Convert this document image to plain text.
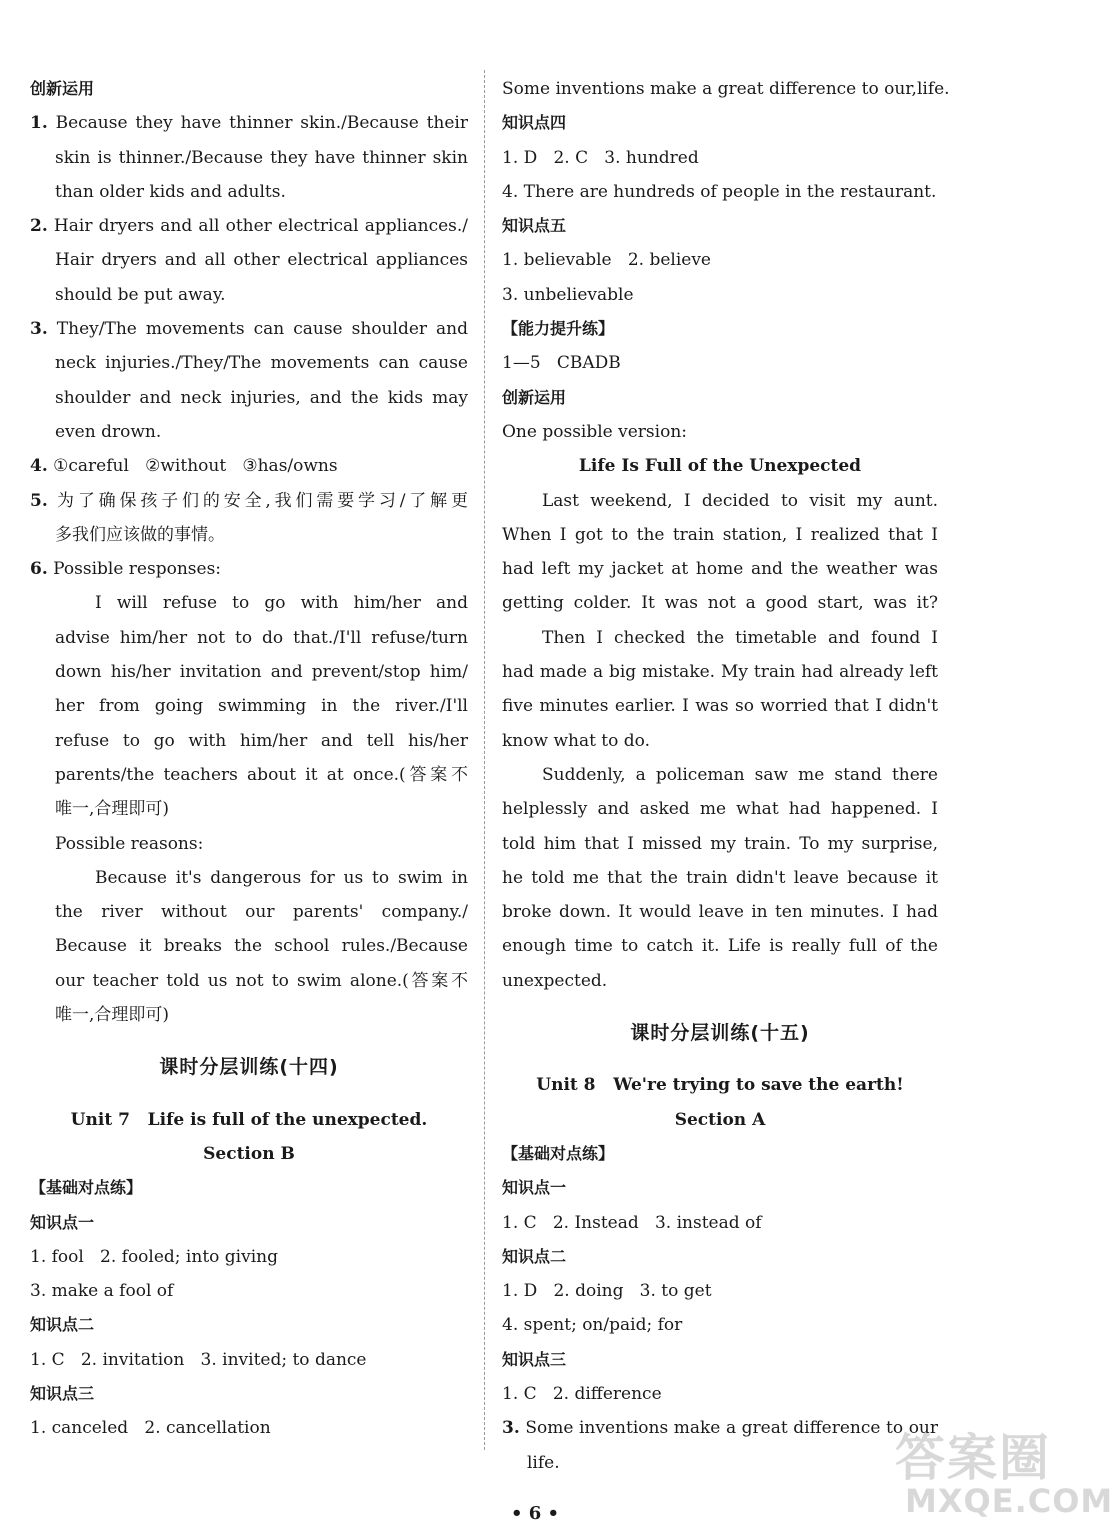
创新运用
1. Because they have thinner skin./Because their
skin is thinner./Because they have thinner skin
than older kids and adults.
2. Hair dryers and all other electrical appliances./
Hair dryers and all other electrical appliances
should be put away.
3. They/The movements can cause shoulder and
neck injuries./They/The movements can cause
shoulder and neck injuries, and the kids may
even drown.
4. ①careful   ②without   ③has/owns
5. 为了确保孩子们的安全,我们需要学习/了解更
多我们应该做的事情。
6. Possible responses:
I will refuse to go with him/her and
advise him/her not to do that./I'll refuse/turn
down his/her invitation and prevent/stop him/
her from going swimming in the river./I'll
refuse to go with him/her and tell his/her
parents/the teachers about it at once.(答案不
唯一,合理即可)
Possible reasons:
Because it's dangerous for us to swim in
the river without our parents' company./
Because it breaks the school rules./Because
our teacher told us not to swim alone.(答案不
唯一,合理即可)
课时分层训练(十四)
Unit 7   Life is full of the unexpected.
Section B
【基础对点练】
知识点一
1. fool   2. fooled; into giving
3. make a fool of
知识点二
1. C   2. invitation   3. invited; to dance
知识点三
1. canceled   2. cancellation
Some inventions make a great difference to our,life.
知识点四
1. D   2. C   3. hundred
4. There are hundreds of people in the restaurant.
知识点五
1. believable   2. believe
3. unbelievable
【能力提升练】
1—5   CBADB
创新运用
One possible version:
Life Is Full of the Unexpected
Last weekend, I decided to visit my aunt.
When I got to the train station, I realized that I
had left my jacket at home and the weather was
getting colder. It was not a good start, was it?
Then I checked the timetable and found I
had made a big mistake. My train had already left
five minutes earlier. I was so worried that I didn't
know what to do.
Suddenly, a policeman saw me stand there
helplessly and asked me what had happened. I
told him that I missed my train. To my surprise,
he told me that the train didn't leave because it
broke down. It would leave in ten minutes. I had
enough time to catch it. Life is really full of the
unexpected.
课时分层训练(十五)
Unit 8   We're trying to save the earth!
Section A
【基础对点练】
知识点一
1. C   2. Instead   3. instead of
知识点二
1. D   2. doing   3. to get
4. spent; on/paid; for
知识点三
1. C   2. difference
3. Some inventions make a great difference to our
life.
• 6 •
答案圈
MXQE.COM
